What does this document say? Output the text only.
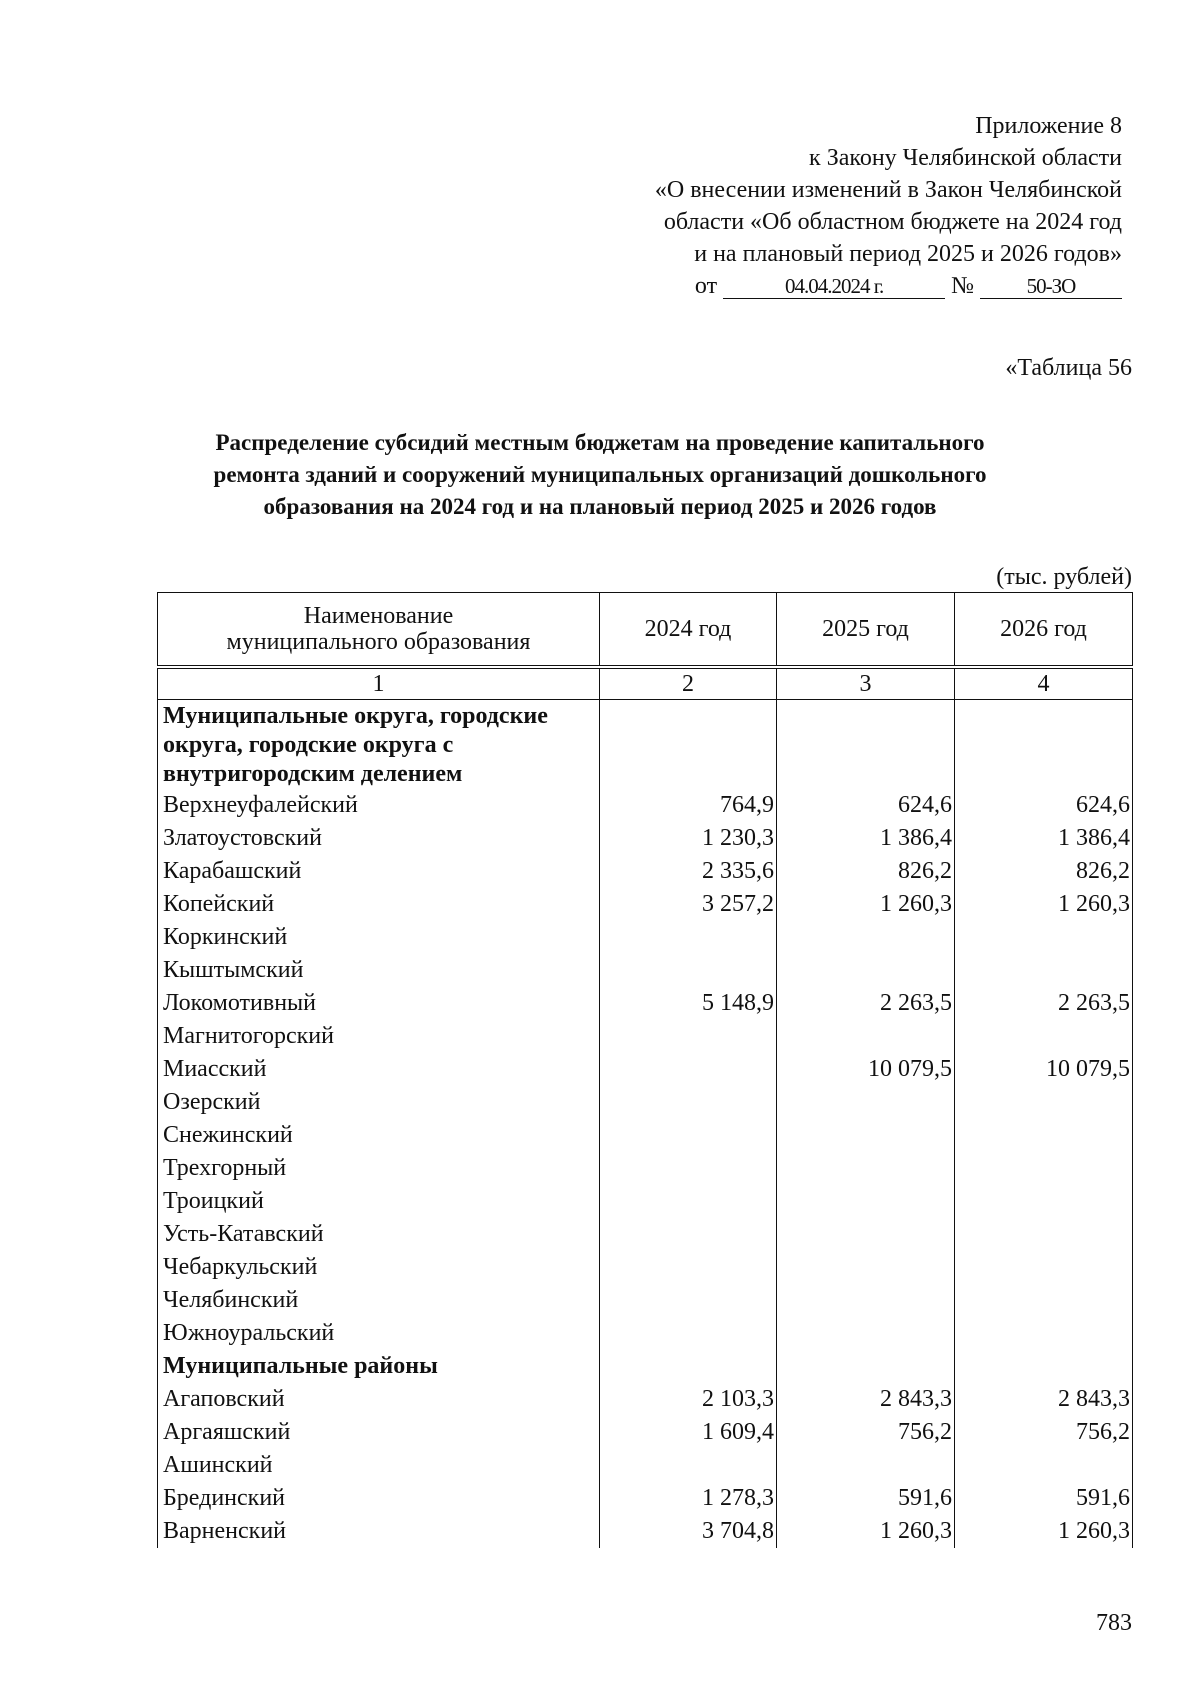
Приложение 8
к Закону Челябинской области
«О внесении изменений в Закон Челябинской
области «Об областном бюджете на 2024 год
и на плановый период 2025 и 2026 годов»
от	04.04.2024 г.	№	50-ЗО
«Таблица 56
Распределение субсидий местным бюджетам на проведение капитального
ремонта зданий и сооружений муниципальных организаций дошкольного
образования на 2024 год и на плановый период 2025 и 2026 годов
(тыс. рублей)
Наименование муниципального образования	2024 год	2025 год	2026 год
1	2	3	4
Муниципальные округа, городские округа, городские округа с внутригородским делением			
Верхнеуфалейский	764,9	624,6	624,6
Златоустовский	1 230,3	1 386,4	1 386,4
Карабашский	2 335,6	826,2	826,2
Копейский	3 257,2	1 260,3	1 260,3
Коркинский			
Кыштымский			
Локомотивный	5 148,9	2 263,5	2 263,5
Магнитогорский			
Миасский		10 079,5	10 079,5
Озерский			
Снежинский			
Трехгорный			
Троицкий			
Усть-Катавский			
Чебаркульский			
Челябинский			
Южноуральский			
Муниципальные районы			
Агаповский	2 103,3	2 843,3	2 843,3
Аргаяшский	1 609,4	756,2	756,2
Ашинский			
Брединский	1 278,3	591,6	591,6
Варненский	3 704,8	1 260,3	1 260,3
783
